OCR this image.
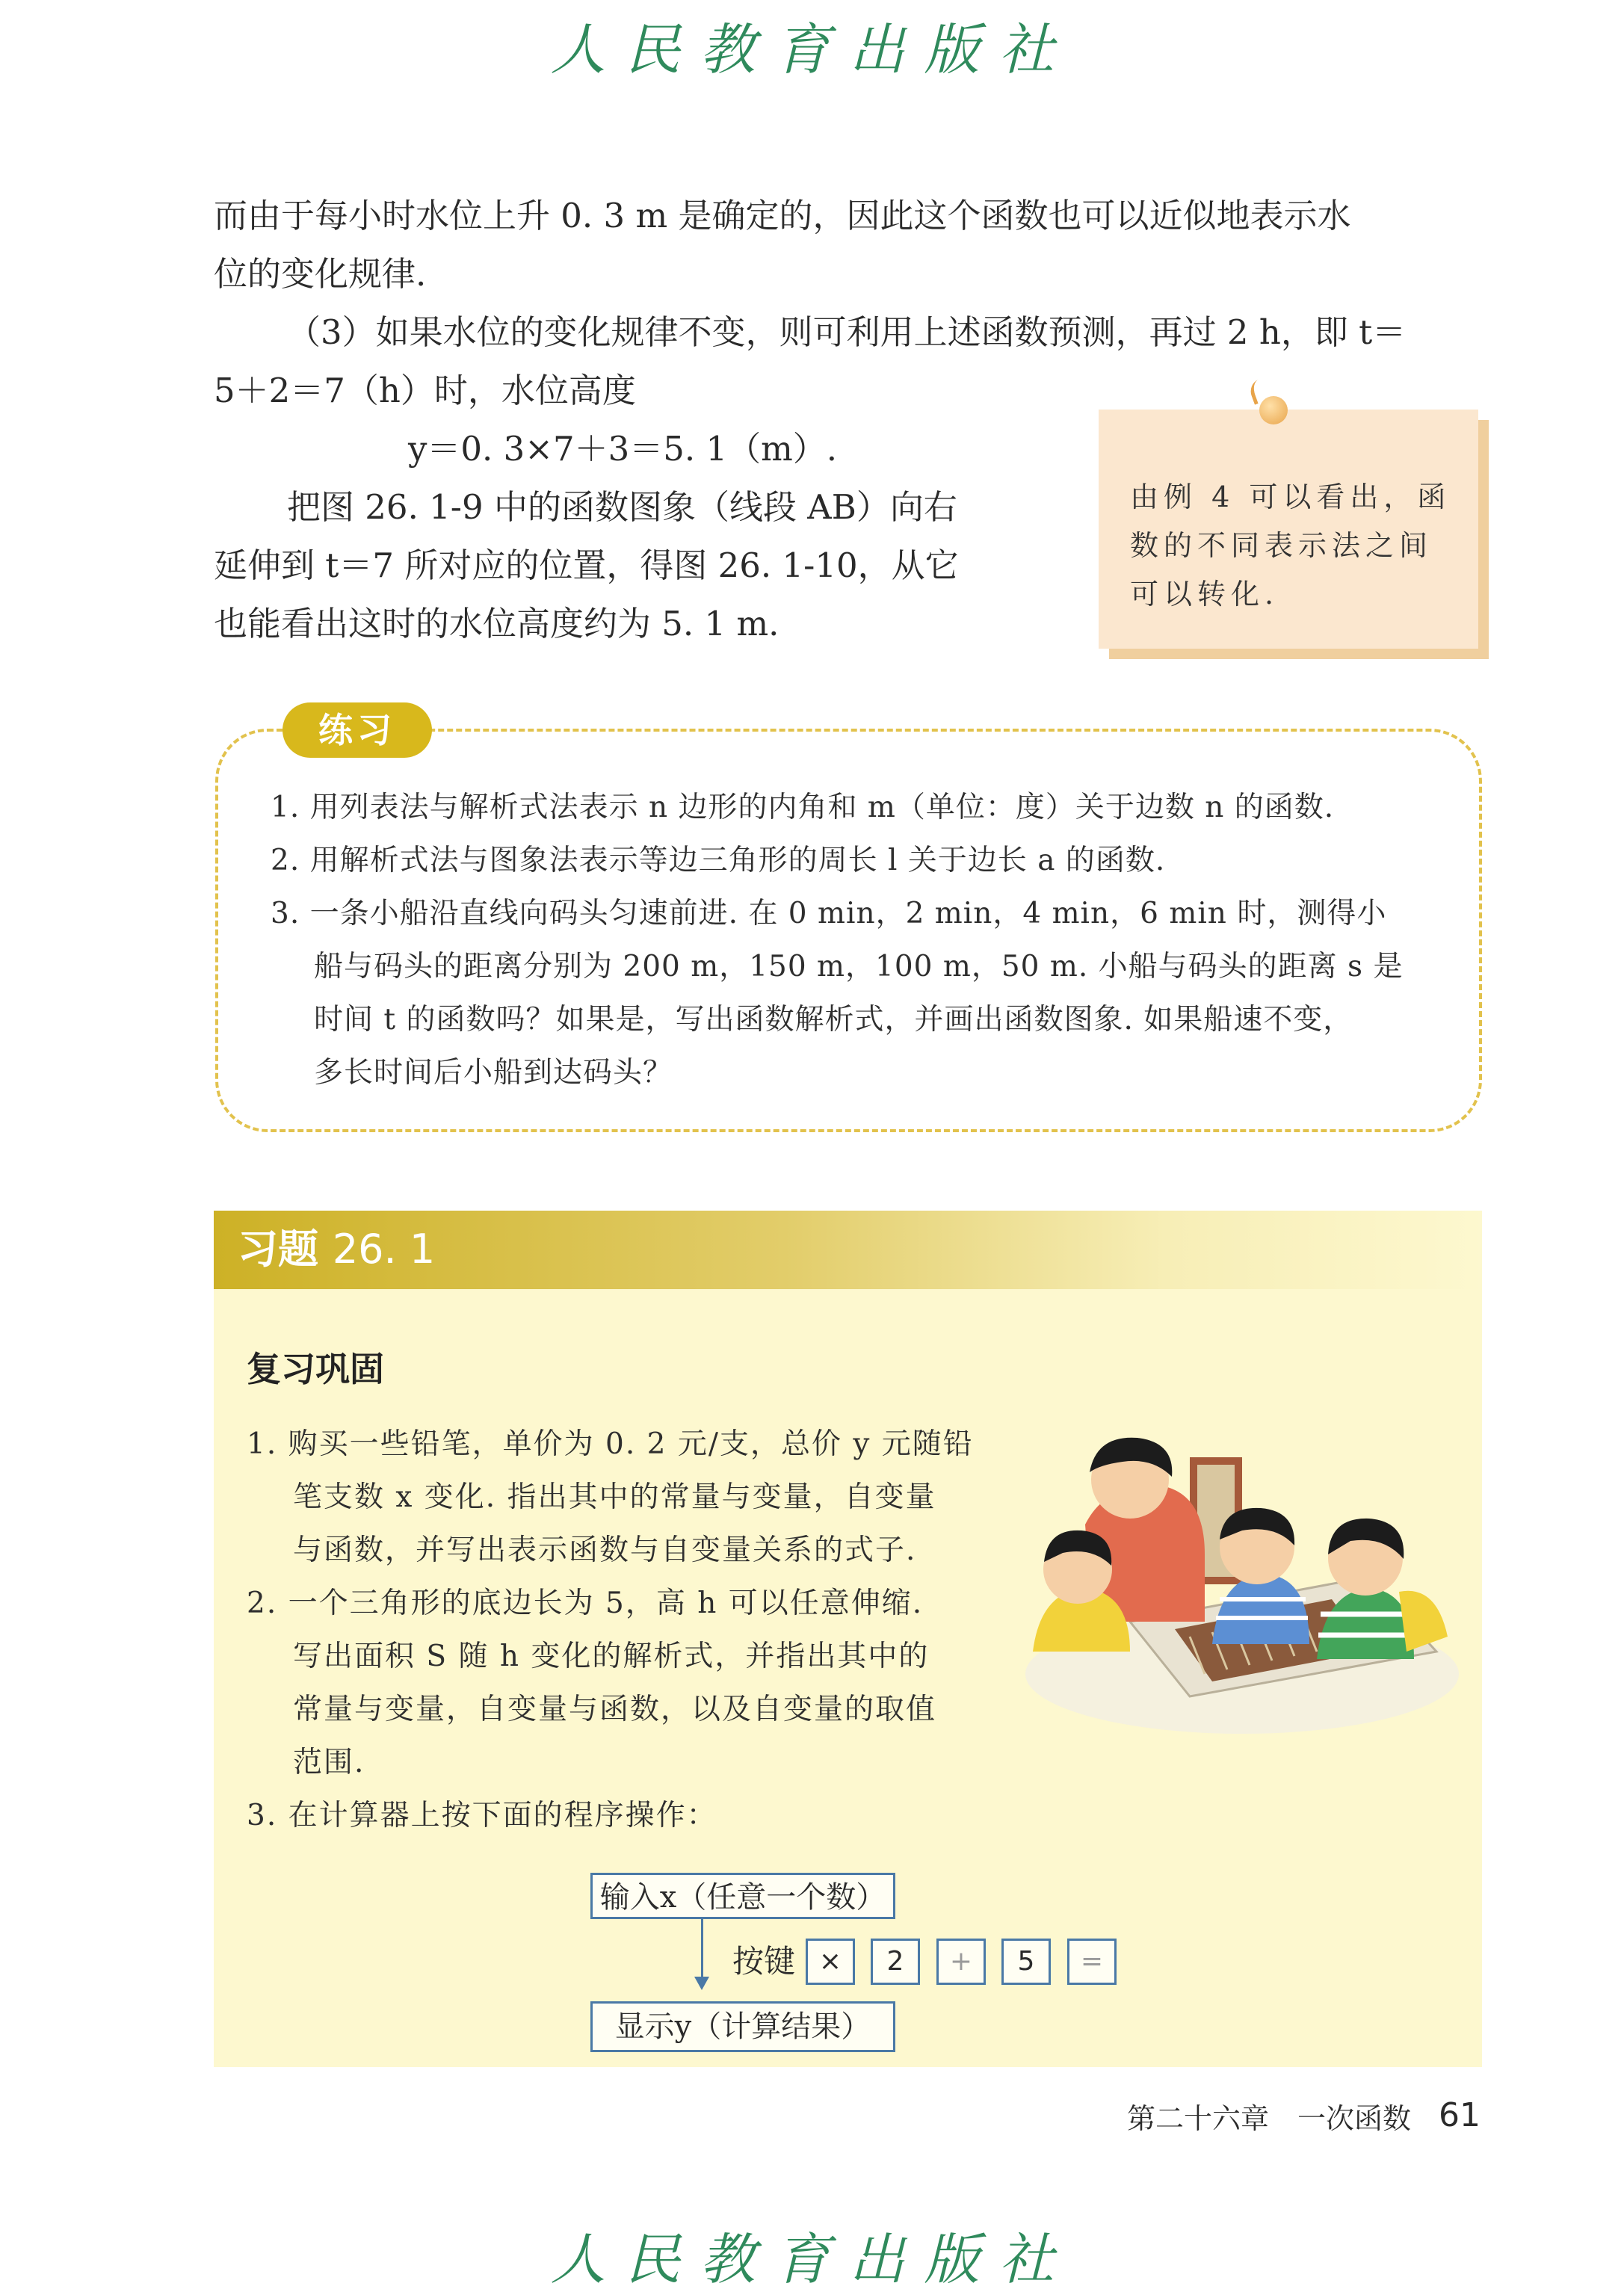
人民教育出版社
而由于每小时水位上升 0. 3 m 是确定的，因此这个函数也可以近似地表示水
位的变化规律.
（3）如果水位的变化规律不变，则可利用上述函数预测，再过 2 h，即 t＝
5＋2＝7（h）时，水位高度
y＝0. 3×7＋3＝5. 1（m）.
把图 26. 1-9 中的函数图象（线段 AB）向右
延伸到 t＝7 所对应的位置，得图 26. 1-10，从它
也能看出这时的水位高度约为 5. 1 m.
由例 4 可以看出，函数的不同表示法之间可以转化.
练习
1. 用列表法与解析式法表示 n 边形的内角和 m（单位：度）关于边数 n 的函数.
2. 用解析式法与图象法表示等边三角形的周长 l 关于边长 a 的函数.
3. 一条小船沿直线向码头匀速前进. 在 0 min，2 min，4 min，6 min 时，测得小
船与码头的距离分别为 200 m，150 m，100 m，50 m. 小船与码头的距离 s 是
时间 t 的函数吗？如果是，写出函数解析式，并画出函数图象. 如果船速不变，
多长时间后小船到达码头？
习题 26. 1
复习巩固
1. 购买一些铅笔，单价为 0. 2 元/支，总价 y 元随铅
笔支数 x 变化. 指出其中的常量与变量，自变量
与函数，并写出表示函数与自变量关系的式子.
2. 一个三角形的底边长为 5，高 h 可以任意伸缩.
写出面积 S 随 h 变化的解析式，并指出其中的
常量与变量，自变量与函数，以及自变量的取值
范围.
3. 在计算器上按下面的程序操作：
输入x（任意一个数）
按键 ×	2	+	5	=
显示y（计算结果）
第二十六章　一次函数 61
人民教育出版社
